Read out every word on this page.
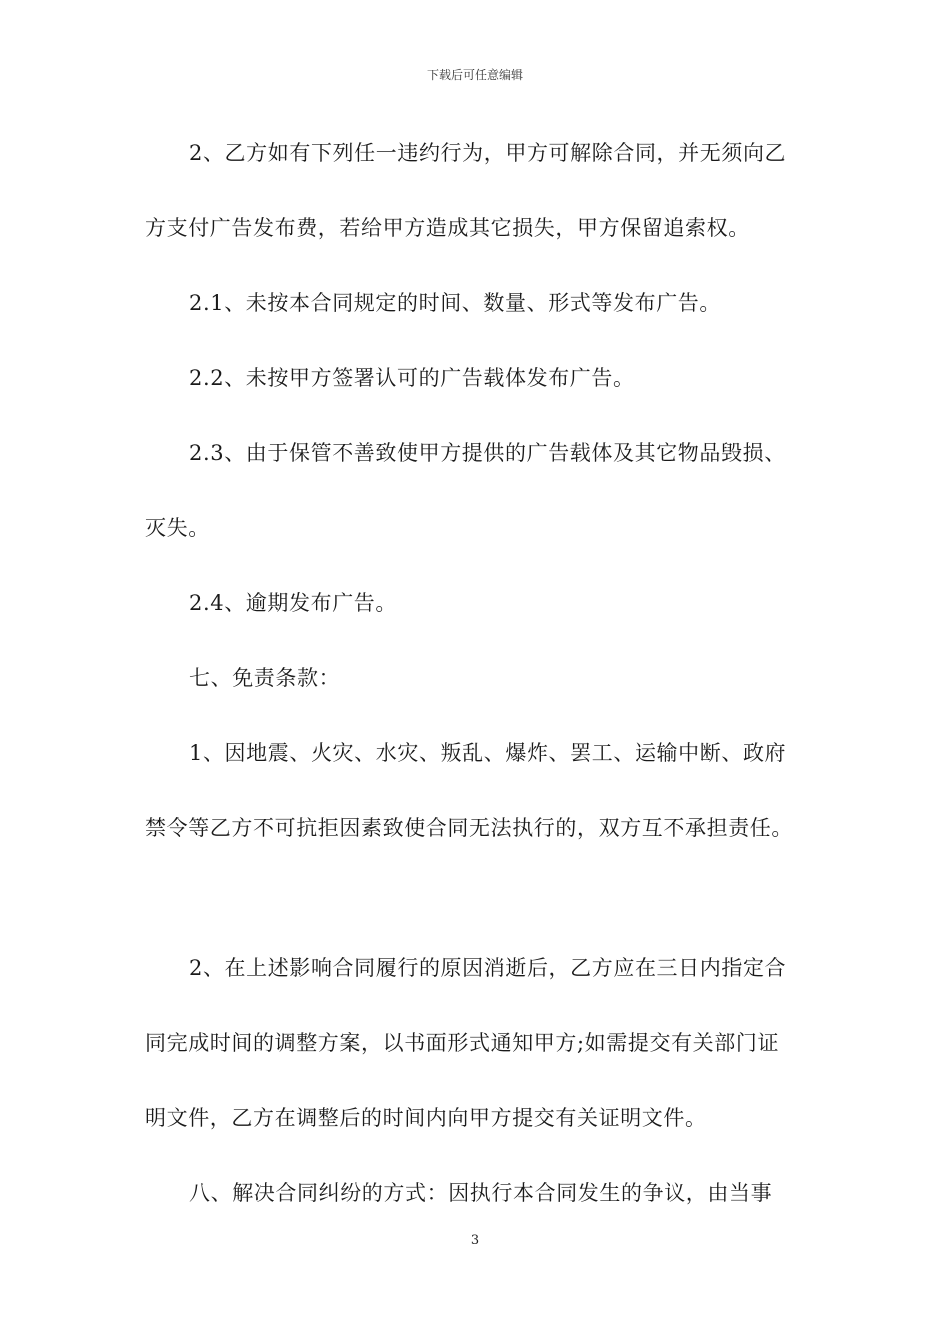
下载后可任意编辑
2、乙方如有下列任一违约行为，甲方可解除合同，并无须向乙
方支付广告发布费，若给甲方造成其它损失，甲方保留追索权。
2.1、未按本合同规定的时间、数量、形式等发布广告。
2.2、未按甲方签署认可的广告载体发布广告。
2.3、由于保管不善致使甲方提供的广告载体及其它物品毁损、
灭失。
2.4、逾期发布广告。
七、免责条款：
1、因地震、火灾、水灾、叛乱、爆炸、罢工、运输中断、政府
禁令等乙方不可抗拒因素致使合同无法执行的，双方互不承担责任。
2、在上述影响合同履行的原因消逝后，乙方应在三日内指定合
同完成时间的调整方案，以书面形式通知甲方;如需提交有关部门证
明文件，乙方在调整后的时间内向甲方提交有关证明文件。
八、解决合同纠纷的方式：因执行本合同发生的争议，由当事
3
